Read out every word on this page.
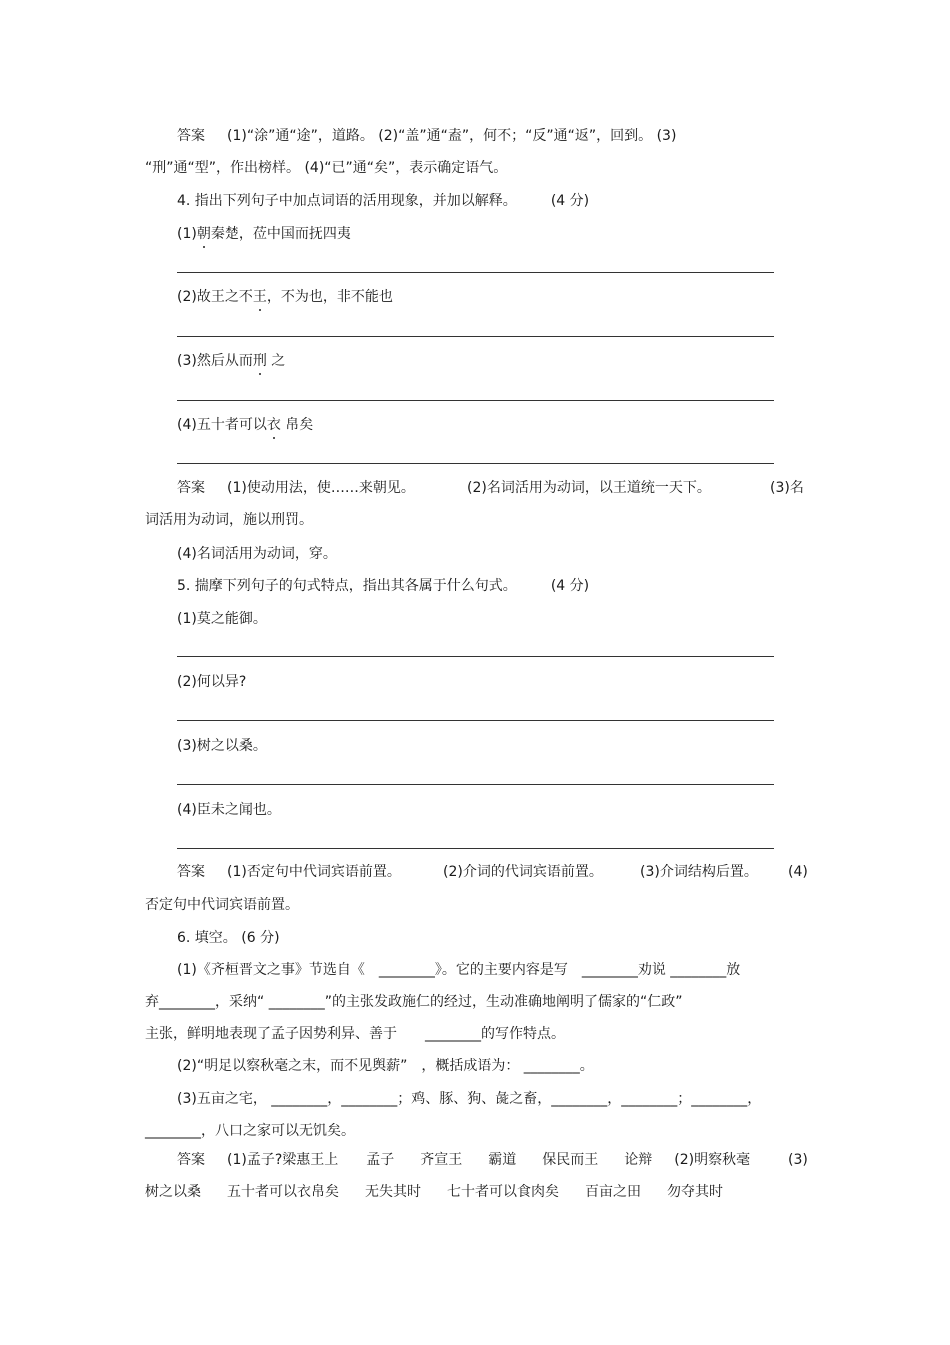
答案 (1)“涂”通“途”，道路。 (2)“盖”通“盍”，何不；“反”通“返”，回到。 (3)
“刑”通“型”，作出榜样。 (4)“已”通“矣”，表示确定语气。
4. 指出下列句子中加点词语的活用现象，并加以解释。 (4 分)
(1)朝秦楚，莅中国而抚四夷
(2)故王之不王，不为也，非不能也
(3)然后从而刑 之
(4)五十者可以衣 帛矣
答案 (1)使动用法，使……来朝见。	(2)名词活用为动词，以王道统一天下。	(3)名
词活用为动词，施以刑罚。
(4)名词活用为动词，穿。
5. 揣摩下列句子的句式特点，指出其各属于什么句式。 (4 分)
(1)莫之能御。
(2)何以异?
(3)树之以桑。
(4)臣未之闻也。
答案 (1)否定句中代词宾语前置。	(2)介词的代词宾语前置。	(3)介词结构后置。 (4)
否定句中代词宾语前置。
6. 填空。 (6 分)
(1)《齐桓晋文之事》节选自《　________》。它的主要内容是写　________劝说 ________放
弃________，采纳“ ________”的主张发政施仁的经过，生动准确地阐明了儒家的“仁政”
主张，鲜明地表现了孟子因势利异、善于　　________的写作特点。
(2)“明足以察秋毫之末，而不见舆薪”　，概括成语为： ________。
(3)五亩之宅， ________，________；鸡、豚、狗、彘之畜，________，________；________，
________，八口之家可以无饥矣。
答案 (1)孟子?梁惠王上 孟子 齐宣王 霸道 保民而王 论辩 (2)明察秋毫	(3)
树之以桑 五十者可以衣帛矣 无失其时 七十者可以食肉矣 百亩之田 勿夺其时
